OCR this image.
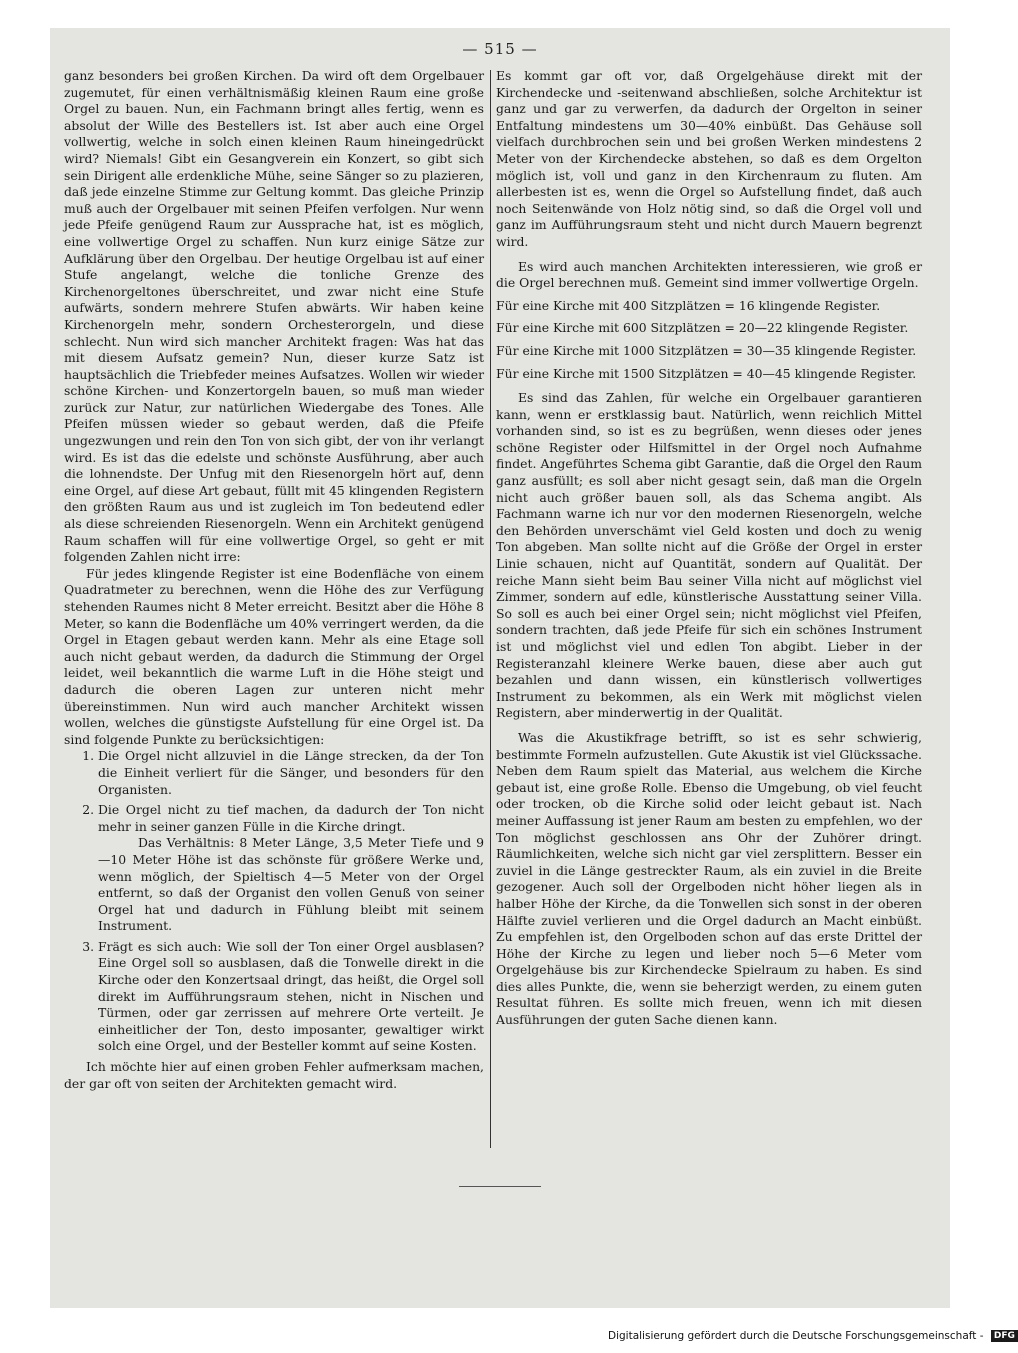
— 515 —

ganz besonders bei großen Kirchen. Da wird oft dem Orgelbauer zugemutet, für einen verhältnismäßig kleinen Raum eine große Orgel zu bauen. Nun, ein Fachmann bringt alles fertig, wenn es absolut der Wille des Bestellers ist. Ist aber auch eine Orgel vollwertig, welche in solch einen kleinen Raum hineingedrückt wird? Niemals! Gibt ein Gesangverein ein Konzert, so gibt sich sein Dirigent alle erdenkliche Mühe, seine Sänger so zu plazieren, daß jede einzelne Stimme zur Geltung kommt. Das gleiche Prinzip muß auch der Orgelbauer mit seinen Pfeifen verfolgen. Nur wenn jede Pfeife genügend Raum zur Aussprache hat, ist es möglich, eine vollwertige Orgel zu schaffen. Nun kurz einige Sätze zur Aufklärung über den Orgelbau. Der heutige Orgelbau ist auf einer Stufe angelangt, welche die tonliche Grenze des Kirchenorgeltones überschreitet, und zwar nicht eine Stufe aufwärts, sondern mehrere Stufen abwärts. Wir haben keine Kirchenorgeln mehr, sondern Orchesterorgeln, und diese schlecht. Nun wird sich mancher Architekt fragen: Was hat das mit diesem Aufsatz gemein? Nun, dieser kurze Satz ist hauptsächlich die Triebfeder meines Aufsatzes. Wollen wir wieder schöne Kirchen- und Konzertorgeln bauen, so muß man wieder zurück zur Natur, zur natürlichen Wiedergabe des Tones. Alle Pfeifen müssen wieder so gebaut werden, daß die Pfeife ungezwungen und rein den Ton von sich gibt, der von ihr verlangt wird. Es ist das die edelste und schönste Ausführung, aber auch die lohnendste. Der Unfug mit den Riesenorgeln hört auf, denn eine Orgel, auf diese Art gebaut, füllt mit 45 klingenden Registern den größten Raum aus und ist zugleich im Ton bedeutend edler als diese schreienden Riesenorgeln. Wenn ein Architekt genügend Raum schaffen will für eine vollwertige Orgel, so geht er mit folgenden Zahlen nicht irre:

Für jedes klingende Register ist eine Bodenfläche von einem Quadratmeter zu berechnen, wenn die Höhe des zur Verfügung stehenden Raumes nicht 8 Meter erreicht. Besitzt aber die Höhe 8 Meter, so kann die Bodenfläche um 40% verringert werden, da die Orgel in Etagen gebaut werden kann. Mehr als eine Etage soll auch nicht gebaut werden, da dadurch die Stimmung der Orgel leidet, weil bekanntlich die warme Luft in die Höhe steigt und dadurch die oberen Lagen zur unteren nicht mehr übereinstimmen. Nun wird auch mancher Architekt wissen wollen, welches die günstigste Aufstellung für eine Orgel ist. Da sind folgende Punkte zu berücksichtigen:

1. Die Orgel nicht allzuviel in die Länge strecken, da der Ton die Einheit verliert für die Sänger, und besonders für den Organisten.
2. Die Orgel nicht zu tief machen, da dadurch der Ton nicht mehr in seiner ganzen Fülle in die Kirche dringt.
Das Verhältnis: 8 Meter Länge, 3,5 Meter Tiefe und 9—10 Meter Höhe ist das schönste für größere Werke und, wenn möglich, der Spieltisch 4—5 Meter von der Orgel entfernt, so daß der Organist den vollen Genuß von seiner Orgel hat und dadurch in Fühlung bleibt mit seinem Instrument.
3. Frägt es sich auch: Wie soll der Ton einer Orgel ausblasen? Eine Orgel soll so ausblasen, daß die Tonwelle direkt in die Kirche oder den Konzertsaal dringt, das heißt, die Orgel soll direkt im Aufführungsraum stehen, nicht in Nischen und Türmen, oder gar zerrissen auf mehrere Orte verteilt. Je einheitlicher der Ton, desto imposanter, gewaltiger wirkt solch eine Orgel, und der Besteller kommt auf seine Kosten.

Ich möchte hier auf einen groben Fehler aufmerksam machen, der gar oft von seiten der Architekten gemacht wird.

Es kommt gar oft vor, daß Orgelgehäuse direkt mit der Kirchendecke und -seitenwand abschließen, solche Architektur ist ganz und gar zu verwerfen, da dadurch der Orgelton in seiner Entfaltung mindestens um 30—40% einbüßt. Das Gehäuse soll vielfach durchbrochen sein und bei großen Werken mindestens 2 Meter von der Kirchendecke abstehen, so daß es dem Orgelton möglich ist, voll und ganz in den Kirchenraum zu fluten. Am allerbesten ist es, wenn die Orgel so Aufstellung findet, daß auch noch Seitenwände von Holz nötig sind, so daß die Orgel voll und ganz im Aufführungsraum steht und nicht durch Mauern begrenzt wird.

Es wird auch manchen Architekten interessieren, wie groß er die Orgel berechnen muß. Gemeint sind immer vollwertige Orgeln.

Für eine Kirche mit 400 Sitzplätzen = 16 klingende Register.

Für eine Kirche mit 600 Sitzplätzen = 20—22 klingende Register.

Für eine Kirche mit 1000 Sitzplätzen = 30—35 klingende Register.

Für eine Kirche mit 1500 Sitzplätzen = 40—45 klingende Register.

Es sind das Zahlen, für welche ein Orgelbauer garantieren kann, wenn er erstklassig baut. Natürlich, wenn reichlich Mittel vorhanden sind, so ist es zu begrüßen, wenn dieses oder jenes schöne Register oder Hilfsmittel in der Orgel noch Aufnahme findet. Angeführtes Schema gibt Garantie, daß die Orgel den Raum ganz ausfüllt; es soll aber nicht gesagt sein, daß man die Orgeln nicht auch größer bauen soll, als das Schema angibt. Als Fachmann warne ich nur vor den modernen Riesenorgeln, welche den Behörden unverschämt viel Geld kosten und doch zu wenig Ton abgeben. Man sollte nicht auf die Größe der Orgel in erster Linie schauen, nicht auf Quantität, sondern auf Qualität. Der reiche Mann sieht beim Bau seiner Villa nicht auf möglichst viel Zimmer, sondern auf edle, künstlerische Ausstattung seiner Villa. So soll es auch bei einer Orgel sein; nicht möglichst viel Pfeifen, sondern trachten, daß jede Pfeife für sich ein schönes Instrument ist und möglichst viel und edlen Ton abgibt. Lieber in der Registeranzahl kleinere Werke bauen, diese aber auch gut bezahlen und dann wissen, ein künstlerisch vollwertiges Instrument zu bekommen, als ein Werk mit möglichst vielen Registern, aber minderwertig in der Qualität.

Was die Akustikfrage betrifft, so ist es sehr schwierig, bestimmte Formeln aufzustellen. Gute Akustik ist viel Glückssache. Neben dem Raum spielt das Material, aus welchem die Kirche gebaut ist, eine große Rolle. Ebenso die Umgebung, ob viel feucht oder trocken, ob die Kirche solid oder leicht gebaut ist. Nach meiner Auffassung ist jener Raum am besten zu empfehlen, wo der Ton möglichst geschlossen ans Ohr der Zuhörer dringt. Räumlichkeiten, welche sich nicht gar viel zersplittern. Besser ein zuviel in die Länge gestreckter Raum, als ein zuviel in die Breite gezogener. Auch soll der Orgelboden nicht höher liegen als in halber Höhe der Kirche, da die Tonwellen sich sonst in der oberen Hälfte zuviel verlieren und die Orgel dadurch an Macht einbüßt. Zu empfehlen ist, den Orgelboden schon auf das erste Drittel der Höhe der Kirche zu legen und lieber noch 5—6 Meter vom Orgelgehäuse bis zur Kirchendecke Spielraum zu haben. Es sind dies alles Punkte, die, wenn sie beherzigt werden, zu einem guten Resultat führen. Es sollte mich freuen, wenn ich mit diesen Ausführungen der guten Sache dienen kann.

Digitalisierung gefördert durch die Deutsche Forschungsgemeinschaft - DFG
